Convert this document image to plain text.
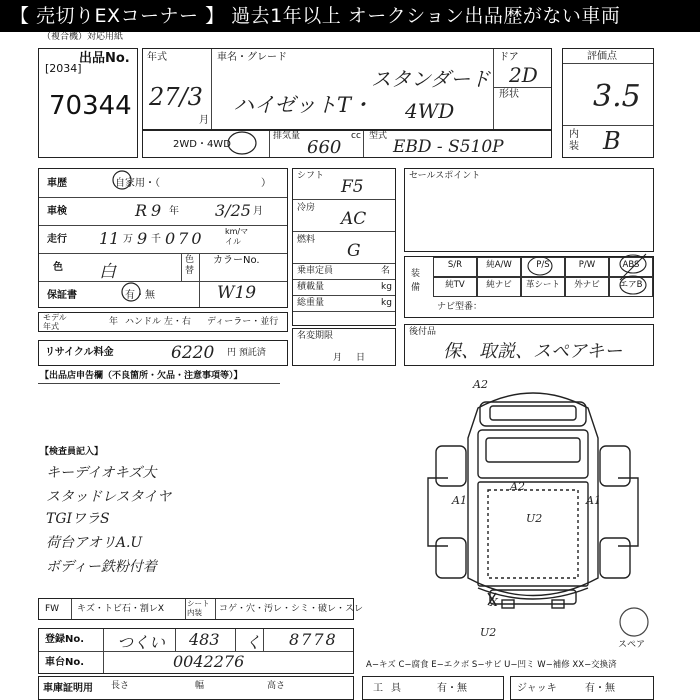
【 売切りEXコーナー 】 過去1年以上 オークション出品歴がない車両
（複合機）対応用紙
出品No.
[2034]
70344
年式
27/3
月
車名・グレード
ハイゼットT・
スタンダード
4WD
ドア
2D
形状
評価点
3.5
内装 B
2WD・4WD
排気量
660
cc 型式
EBD - S510P
車歴	自家用・（	）
車検	R 9 年 3/25 月
走行 11 万 9 千 070	km/マイル
色 白
色替
カラーNo.
W19
保証書	有・無
モデル年式	年 ハンドル 左・右 ディーラー・並行
リサイクル料金	6220 円 預託済
シフト
F5
冷房
AC
燃料
G
乗車定員	名
積載量	kg
総重量	kg
名変期限
月日
セールスポイント
装備
S/R	純A/W	P/S	P/W	ABS
純TV	純ナビ	革シート	外ナビ	エアB
ナビ型番：
後付品
保、取説、スペアキー
【出品店申告欄（不良箇所・欠品・注意事項等）】
【検査員記入】
キーデイオキズ大
スタッドレスタイヤ
TGIワラS
荷台アオリA.U
ボディー鉄粉付着
FW キズ・トビ石・割レX
シート内装	コゲ・穴・汚レ・シミ・破レ・スレ
登録No. つくい 483 く 8778
車台No.	0042276
A2
A2
A1	A1
U2
U2
X
スペア
A−キズ C−腐食 E−エクボ S−サビ U−凹ミ W−補修 XX−交換済
車庫証明用 長さ	幅	高さ	工具	有・無	ジャッキ	有・無
